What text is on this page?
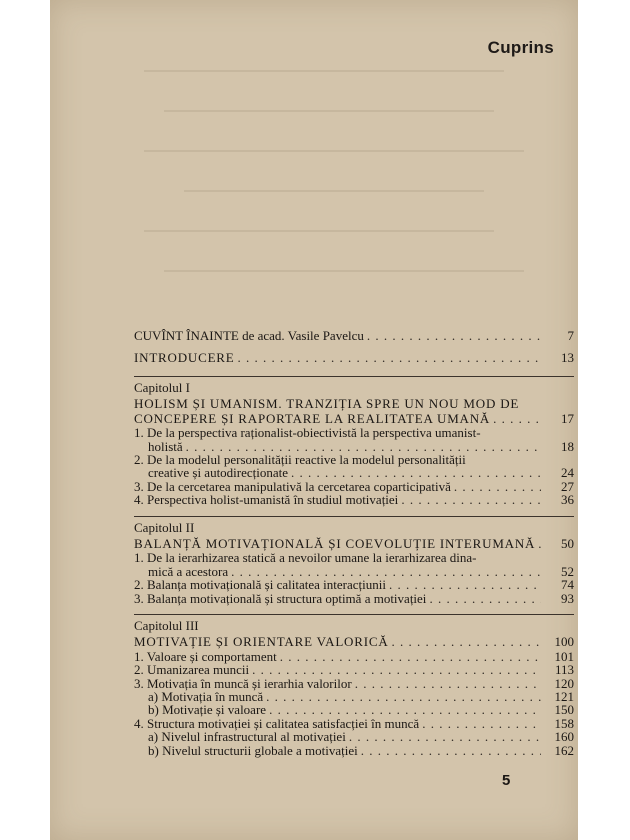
Cuprins
CUVÎNT ÎNAINTE de acad. Vasile Pavelcu . . .	7
INTRODUCERE . . .	13
Capitolul I
HOLISM ȘI UMANISM. TRANZIȚIA SPRE UN NOU MOD DE
CONCEPERE ȘI RAPORTARE LA REALITATEA UMANĂ . . .	17
1. De la perspectiva raționalist-obiectivistă la perspectiva umanist-
holistă . . .	18
2. De la modelul personalității reactive la modelul personalității
creative și autodirecționate . . .	24
3. De la cercetarea manipulativă la cercetarea coparticipativă . . .	27
4. Perspectiva holist-umanistă în studiul motivației . . .	36
Capitolul II
BALANȚĂ MOTIVAȚIONALĂ ȘI COEVOLUȚIE INTERUMANĂ . . .	50
1. De la ierarhizarea statică a nevoilor umane la ierarhizarea dina-
mică a acestora . . .	52
2. Balanța motivațională și calitatea interacțiunii . . .	74
3. Balanța motivațională și structura optimă a motivației . . .	93
Capitolul III
MOTIVAȚIE ȘI ORIENTARE VALORICĂ . . .	100
1. Valoare și comportament . . .	101
2. Umanizarea muncii . . .	113
3. Motivația în muncă și ierarhia valorilor . . .	120
a) Motivația în muncă . . .	121
b) Motivație și valoare . . .	150
4. Structura motivației și calitatea satisfacției în muncă . . .	158
a) Nivelul infrastructural al motivației . . .	160
b) Nivelul structurii globale a motivației . . .	162
5
